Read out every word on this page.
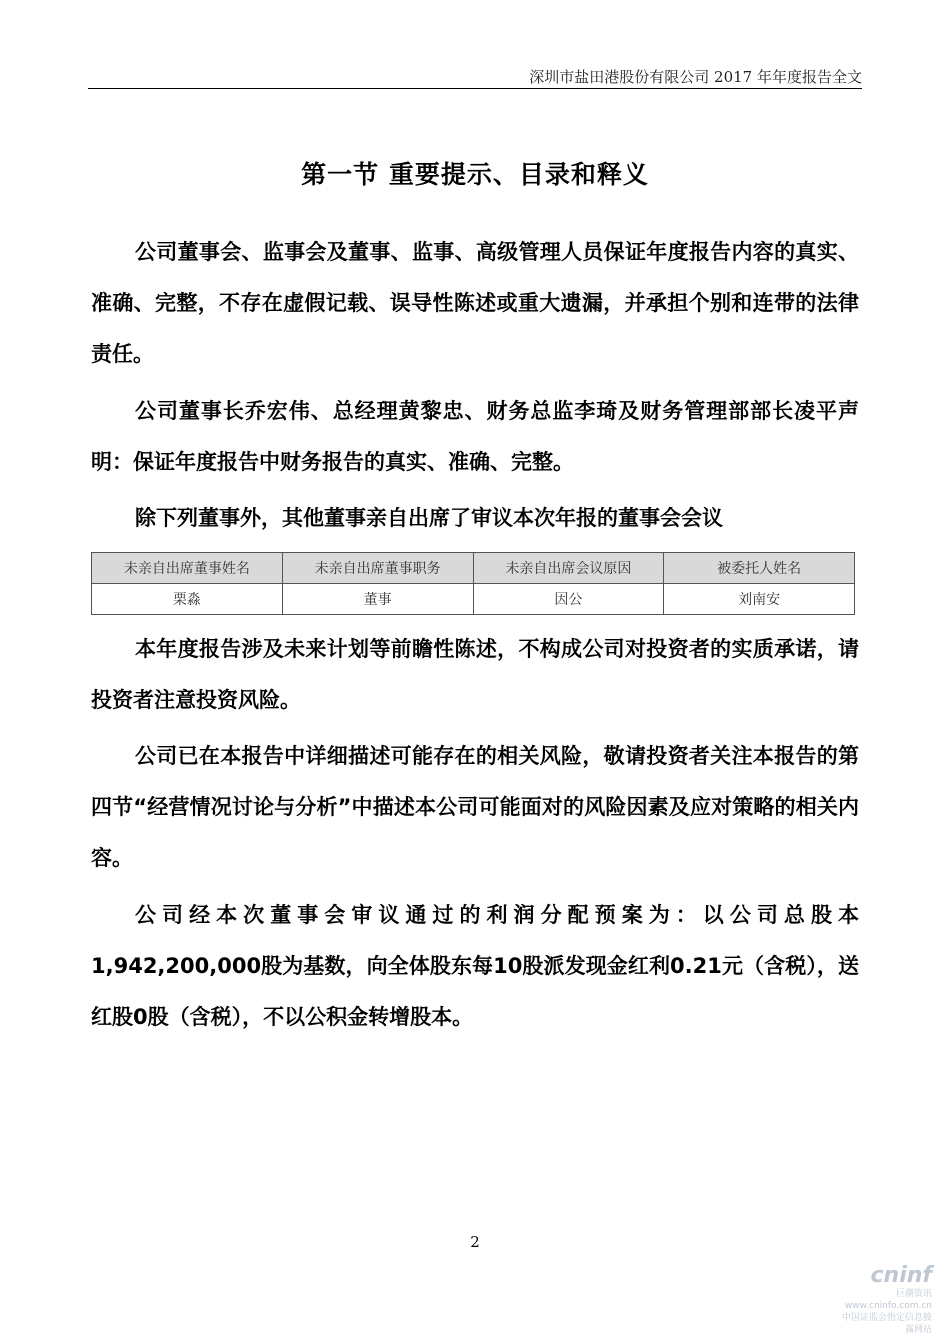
深圳市盐田港股份有限公司 2017 年年度报告全文
第一节 重要提示、目录和释义

公司董事会、监事会及董事、监事、高级管理人员保证年度报告内容的真实、准确、完整，不存在虚假记载、误导性陈述或重大遗漏，并承担个别和连带的法律责任。

公司董事长乔宏伟、总经理黄黎忠、财务总监李琦及财务管理部部长凌平声明：保证年度报告中财务报告的真实、准确、完整。

除下列董事外，其他董事亲自出席了审议本次年报的董事会会议

未亲自出席董事姓名	未亲自出席董事职务	未亲自出席会议原因	被委托人姓名
栗淼	董事	因公	刘南安

本年度报告涉及未来计划等前瞻性陈述，不构成公司对投资者的实质承诺，请投资者注意投资风险。

公司已在本报告中详细描述可能存在的相关风险，敬请投资者关注本报告的第四节“经营情况讨论与分析”中描述本公司可能面对的风险因素及应对策略的相关内容。

公司经本次董事会审议通过的利润分配预案为：以公司总股本1,942,200,000股为基数，向全体股东每10股派发现金红利0.21元（含税），送红股0股（含税），不以公积金转增股本。

2
cninf
巨潮资讯
www.cninfo.com.cn
中国证监会指定信息披露网站
